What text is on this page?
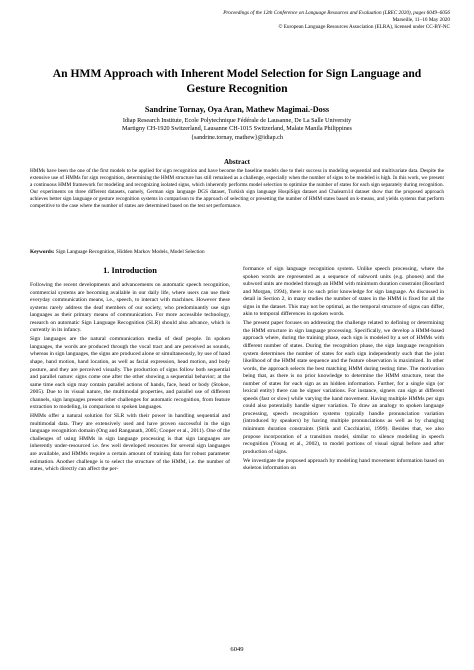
Proceedings of the 12th Conference on Language Resources and Evaluation (LREC 2020), pages 6049–6056
Marseille, 11–16 May 2020
© European Language Resources Association (ELRA), licensed under CC-BY-NC
An HMM Approach with Inherent Model Selection for Sign Language and
Gesture Recognition
Sandrine Tornay, Oya Aran, Mathew Magimai.-Doss
Idiap Research Institute, Ecole Polytechnique Fédérale de Lausanne, De La Salle University
Martigny CH-1920 Switzerland, Lausanne CH-1015 Switzerland, Malate Manila Philippines
{sandrine.tornay, mathew}@idiap.ch
Abstract
HMMs have been the one of the first models to be applied for sign recognition and have become the baseline models due to their success in modeling sequential and multivariate data. Despite the extensive use of HMMs for sign recognition, determining the HMM structure has still remained as a challenge, especially when the number of signs to be modeled is high. In this work, we present a continuous HMM framework for modeling and recognizing isolated signs, which inherently performs model selection to optimize the number of states for each sign separately during recognition. Our experiments on three different datasets, namely, German sign language DGS dataset, Turkish sign language HospiSign dataset and Chalearn14 dataset show that the proposed approach achieves better sign language or gesture recognition systems in comparison to the approach of selecting or presetting the number of HMM states based on k-means, and yields systems that perform competitive to the case where the number of states are determined based on the test set performance.
Keywords: Sign Language Recognition, Hidden Markov Models, Model Selection
1. Introduction

Following the recent developments and advancements on automatic speech recognition, commercial systems are becoming available in our daily life, where users can use their everyday communication means, i.e., speech, to interact with machines. However these systems rarely address the deaf members of our society, who predominantly use sign languages as their primary means of communication. For more accessible technology, research on automatic Sign Language Recognition (SLR) should also advance, which is currently in its infancy.

Sign languages are the natural communication media of deaf people. In spoken languages, the words are produced through the vocal tract and are perceived as sounds, whereas in sign languages, the signs are produced alone or simultaneously, by use of hand shape, hand motion, hand location, as well as facial expression, head motion, and body posture, and they are perceived visually. The production of signs follow both sequential and parallel nature: signs come one after the other showing a sequential behavior; at the same time each sign may contain parallel actions of hands, face, head or body (Stokoe, 2005). Due to its visual nature, the multimodal properties, and parallel use of different channels, sign languages present other challenges for automatic recognition, from feature extraction to modeling, in comparison to spoken languages.

HMMs offer a natural solution for SLR with their power in handling sequential and multimodal data. They are extensively used and have proven successful in the sign language recognition domain (Ong and Ranganath, 2005; Cooper et al., 2011). One of the challenges of using HMMs in sign language processing is that sign languages are inherently under-resourced i.e. few well developed resources for several sign languages are available, and HMMs require a certain amount of training data for robust parameter estimation. Another challenge is to select the structure of the HMM, i.e. the number of states, which directly can affect the per-

formance of sign language recognition system. Unlike speech processing, where the spoken words are represented as a sequence of subword units (e.g. phones) and the subword units are modeled through an HMM with minimum duration constraint (Bourlard and Morgan, 1994), there is no such prior knowledge for sign language. As discussed in detail in Section 2, in many studies the number of states in the HMM is fixed for all the signs in the dataset. This may not be optimal, as the temporal structure of signs can differ, akin to temporal differences in spoken words.

The present paper focuses on addressing the challenge related to defining or determining the HMM structure in sign language processing. Specifically, we develop a HMM-based approach where, during the training phase, each sign is modeled by a set of HMMs with different number of states. During the recognition phase, the sign language recognition system determines the number of states for each sign independently such that the joint likelihood of the HMM state sequence and the feature observation is maximized. In other words, the approach selects the best matching HMM during testing time. The motivation being that, as there is no prior knowledge to determine the HMM structure, treat the number of states for each sign as an hidden information. Further, for a single sign (or lexical entity) there can be signer variations. For instance, signers can sign at different speeds (fast or slow) while varying the hand movement. Having multiple HMMs per sign could also potentially handle signer variation. To draw an analogy to spoken language processing, speech recognition systems typically handle pronunciation variation (introduced by speakers) by having multiple pronunciations as well as by changing minimum duration constraints (Strik and Cucchiarini, 1999). Besides that, we also propose incorporation of a transition model, similar to silence modeling in speech recognition (Young et al., 2002), to model portions of visual signal before and after production of signs.

We investigate the proposed approach by modeling hand movement information based on skeleton information on

6049
